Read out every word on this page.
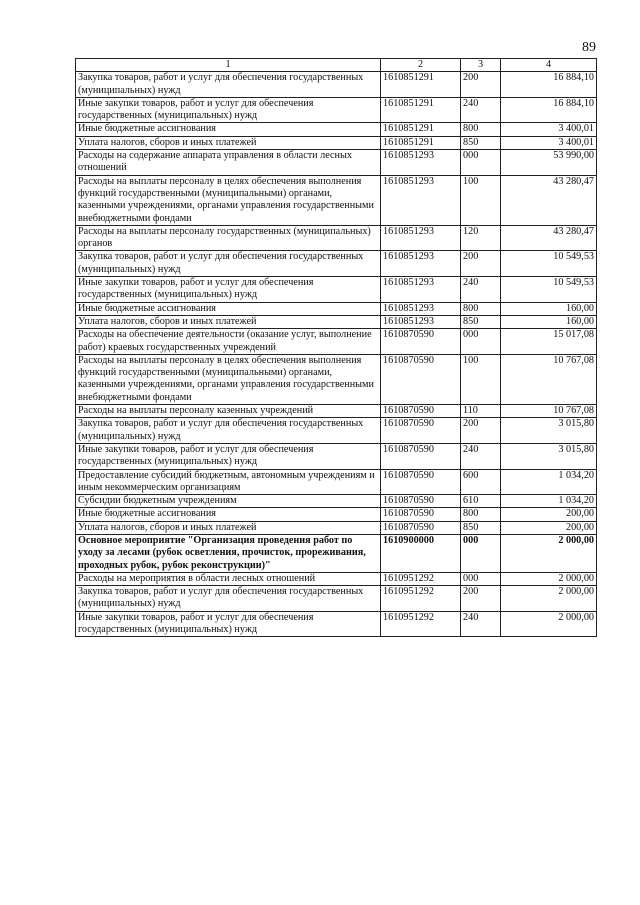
89
1	2	3	4
Закупка товаров, работ и услуг для обеспечения государственных (муниципальных) нужд	1610851291	200	16 884,10
Иные закупки товаров, работ и услуг для обеспечения государственных (муниципальных) нужд	1610851291	240	16 884,10
Иные бюджетные ассигнования	1610851291	800	3 400,01
Уплата налогов, сборов и иных платежей	1610851291	850	3 400,01
Расходы на содержание аппарата управления в области лесных отношений	1610851293	000	53 990,00
Расходы на выплаты персоналу в целях обеспечения выполнения функций государственными (муниципальными) органами, казенными учреждениями, органами управления государственными внебюджетными фондами	1610851293	100	43 280,47
Расходы на выплаты персоналу государственных (муниципальных) органов	1610851293	120	43 280,47
Закупка товаров, работ и услуг для обеспечения государственных (муниципальных) нужд	1610851293	200	10 549,53
Иные закупки товаров, работ и услуг для обеспечения государственных (муниципальных) нужд	1610851293	240	10 549,53
Иные бюджетные ассигнования	1610851293	800	160,00
Уплата налогов, сборов и иных платежей	1610851293	850	160,00
Расходы на обеспечение деятельности (оказание услуг, выполнение работ) краевых государственных учреждений	1610870590	000	15 017,08
Расходы на выплаты персоналу в целях обеспечения выполнения функций государственными (муниципальными) органами, казенными учреждениями, органами управления государственными внебюджетными фондами	1610870590	100	10 767,08
Расходы на выплаты персоналу казенных учреждений	1610870590	110	10 767,08
Закупка товаров, работ и услуг для обеспечения государственных (муниципальных) нужд	1610870590	200	3 015,80
Иные закупки товаров, работ и услуг для обеспечения государственных (муниципальных) нужд	1610870590	240	3 015,80
Предоставление субсидий бюджетным, автономным учреждениям и иным некоммерческим организациям	1610870590	600	1 034,20
Субсидии бюджетным учреждениям	1610870590	610	1 034,20
Иные бюджетные ассигнования	1610870590	800	200,00
Уплата налогов, сборов и иных платежей	1610870590	850	200,00
Основное мероприятие "Организация проведения работ по уходу за лесами (рубок осветления, прочисток, прореживания, проходных рубок, рубок реконструкции)"	1610900000	000	2 000,00
Расходы на мероприятия в области лесных отношений	1610951292	000	2 000,00
Закупка товаров, работ и услуг для обеспечения государственных (муниципальных) нужд	1610951292	200	2 000,00
Иные закупки товаров, работ и услуг для обеспечения государственных (муниципальных) нужд	1610951292	240	2 000,00
